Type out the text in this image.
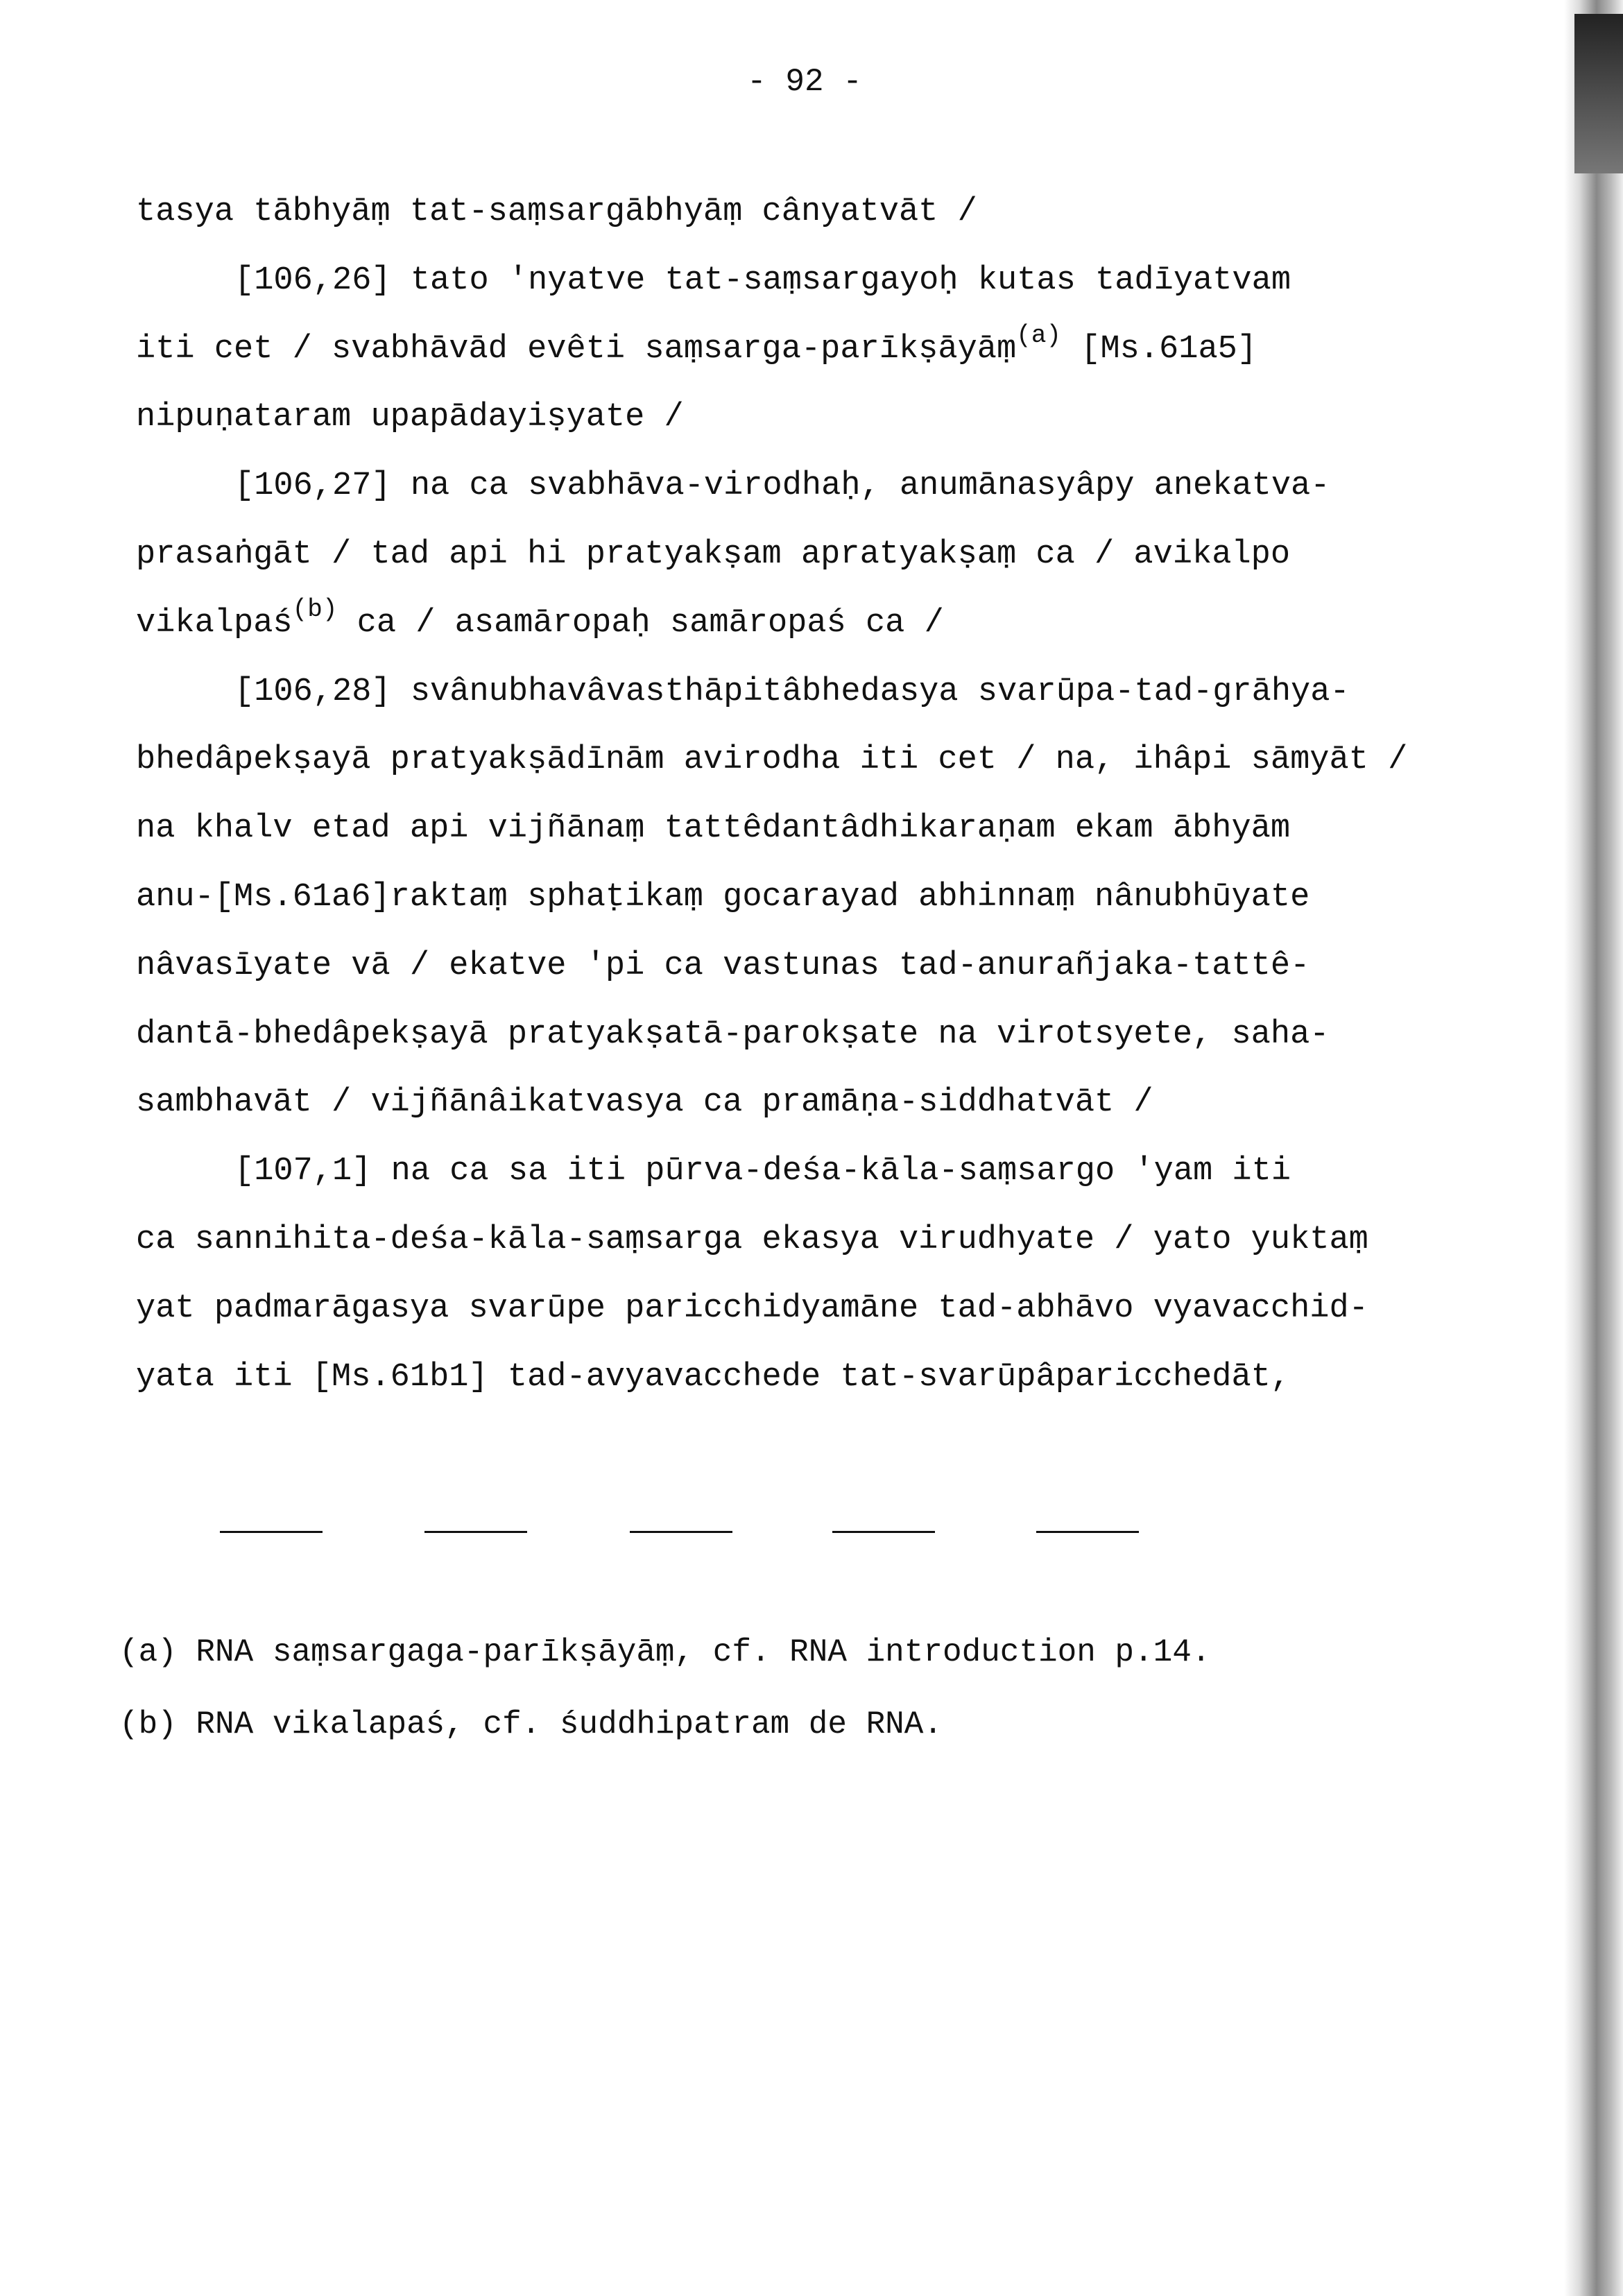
- 92 -
tasya tābhyāṃ tat-saṃsargābhyāṃ cânyatvāt /
[106,26] tato 'nyatve tat-saṃsargayoḥ kutas tadīyatvam
iti cet / svabhāvād evêti saṃsarga-parīkṣāyāṃ$^{(a)}$ [Ms.61a5]
nipuṇataram upapādayiṣyate /
[106,27] na ca svabhāva-virodhaḥ, anumānasyâpy anekatva-
prasaṅgāt / tad api hi pratyakṣam apratyakṣaṃ ca / avikalpo
vikalpaś$^{(b)}$ ca / asamāropaḥ samāropaś ca /
[106,28] svânubhavâvasthāpitâbhedasya svarūpa-tad-grāhya-
bhedâpekṣayā pratyakṣādīnām avirodha iti cet / na, ihâpi sāmyāt /
na khalv etad api vijñānaṃ tattêdantâdhikaraṇam ekam ābhyām
anu-[Ms.61a6]raktaṃ sphaṭikaṃ gocarayad abhinnaṃ nânubhūyate
nâvasīyate vā / ekatve 'pi ca vastunas tad-anurañjaka-tattê-
dantā-bhedâpekṣayā pratyakṣatā-parokṣate na virotsyete, saha-
sambhavāt / vijñānâikatvasya ca pramāṇa-siddhatvāt /
[107,1] na ca sa iti pūrva-deśa-kāla-saṃsargo 'yam iti
ca sannihita-deśa-kāla-saṃsarga ekasya virudhyate / yato yuktaṃ
yat padmarāgasya svarūpe paricchidyamāne tad-abhāvo vyavacchid-
yata iti [Ms.61b1] tad-avyavacchede tat-svarūpâparicchedāt,
(a) RNA saṃsargaga-parīkṣāyāṃ, cf. RNA introduction p.14.
(b) RNA vikalapaś, cf. śuddhipatram de RNA.
